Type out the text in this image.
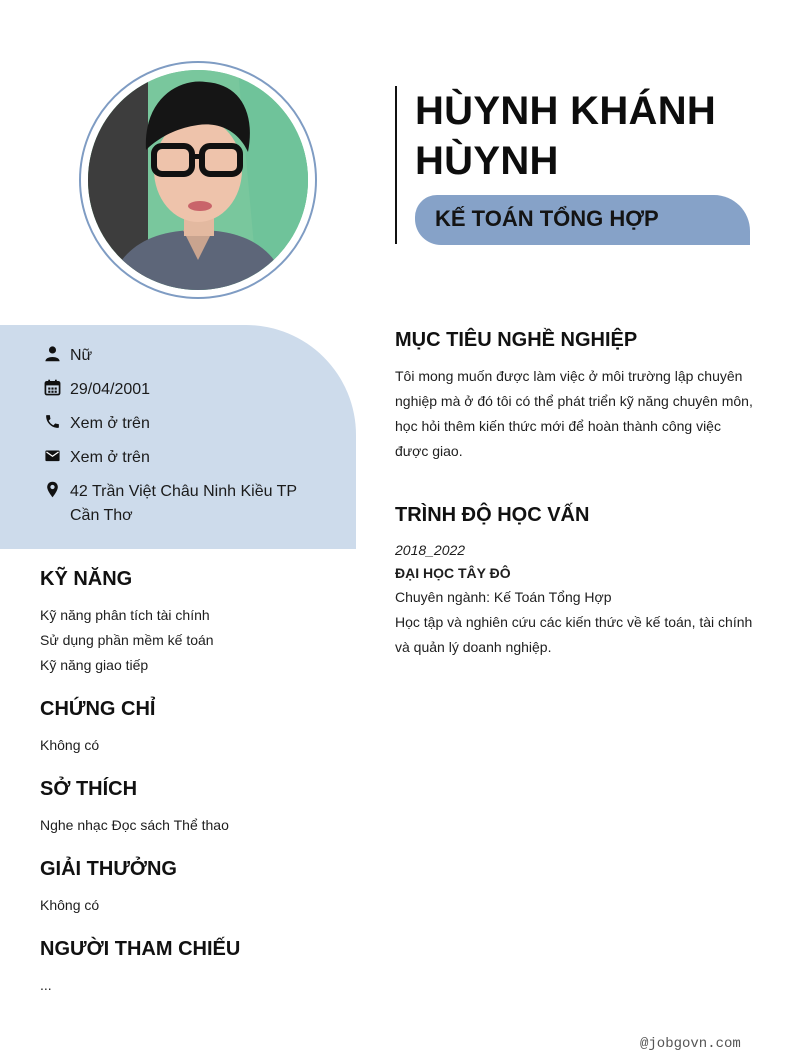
HÙYNH KHÁNH
HÙYNH
KẾ TOÁN TỔNG HỢP
Nữ
29/04/2001
Xem ở trên
Xem ở trên
42 Trần Việt Châu Ninh Kiều TP Cần Thơ
KỸ NĂNG
Kỹ năng phân tích tài chính
Sử dụng phần mềm kế toán
Kỹ năng giao tiếp
CHỨNG CHỈ
Không có
SỞ THÍCH
Nghe nhạc Đọc sách Thể thao
GIẢI THƯỞNG
Không có
NGƯỜI THAM CHIẾU
...
MỤC TIÊU NGHỀ NGHIỆP
Tôi mong muốn được làm việc ở môi trường lập chuyên
nghiệp mà ở đó tôi có thể phát triển kỹ năng chuyên môn,
học hỏi thêm kiến thức mới để hoàn thành công việc
được giao.
TRÌNH ĐỘ HỌC VẤN
2018_2022
ĐẠI HỌC TÂY ĐÔ
Chuyên ngành: Kế Toán Tổng Hợp
Học tập và nghiên cứu các kiến thức về kế toán, tài chính
và quản lý doanh nghiệp.
@jobgovn.com
